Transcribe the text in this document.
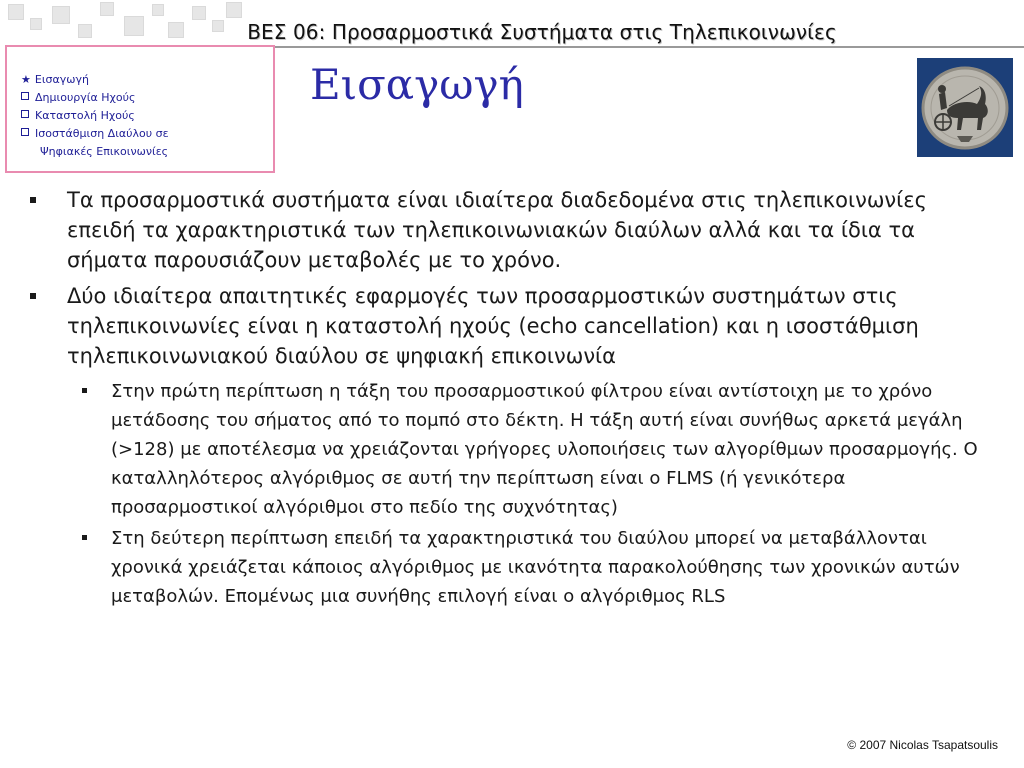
ΒΕΣ 06: Προσαρμοστικά Συστήματα στις Τηλεπικοινωνίες
★ Εισαγωγή
Δημιουργία Ηχούς
Καταστολή Ηχούς
Ισοστάθμιση Διαύλου σε
Ψηφιακές Επικοινωνίες
Εισαγωγή
Τα προσαρμοστικά συστήματα είναι ιδιαίτερα διαδεδομένα στις τηλεπικοινωνίες επειδή τα χαρακτηριστικά των τηλεπικοινωνιακών διαύλων αλλά και τα ίδια τα σήματα παρουσιάζουν μεταβολές με το χρόνο.
Δύο ιδιαίτερα απαιτητικές εφαρμογές των προσαρμοστικών συστημάτων στις τηλεπικοινωνίες είναι η καταστολή ηχούς (echo cancellation) και η ισοστάθμιση τηλεπικοινωνιακού διαύλου σε ψηφιακή επικοινωνία
Στην πρώτη περίπτωση η τάξη του προσαρμοστικού φίλτρου είναι αντίστοιχη με το χρόνο μετάδοσης του σήματος από το πομπό στο δέκτη. Η τάξη αυτή είναι συνήθως αρκετά μεγάλη (>128) με αποτέλεσμα να χρειάζονται γρήγορες υλοποιήσεις των αλγορίθμων προσαρμογής. Ο καταλληλότερος αλγόριθμος σε αυτή την περίπτωση είναι ο FLMS (ή γενικότερα προσαρμοστικοί αλγόριθμοι στο πεδίο της συχνότητας)
Στη δεύτερη περίπτωση επειδή τα χαρακτηριστικά του διαύλου μπορεί να μεταβάλλονται χρονικά χρειάζεται κάποιος αλγόριθμος με ικανότητα παρακολούθησης των χρονικών αυτών μεταβολών. Επομένως μια συνήθης επιλογή είναι ο αλγόριθμος RLS
© 2007 Nicolas Tsapatsoulis
